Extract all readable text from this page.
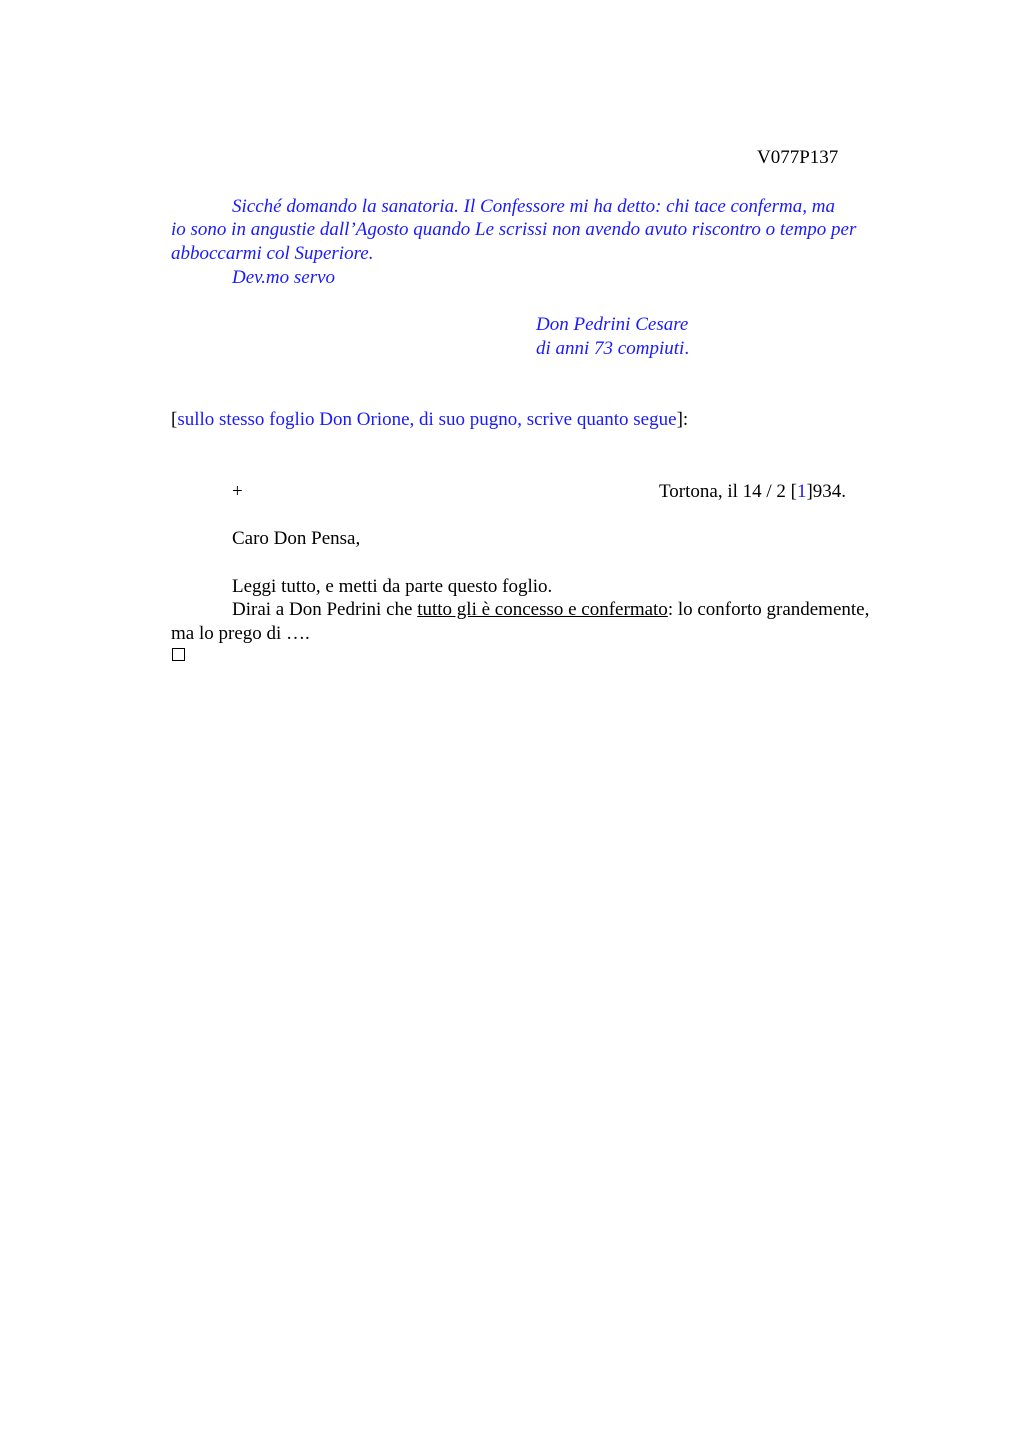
V077P137
Sicché domando la sanatoria. Il Confessore mi ha detto: chi tace conferma, ma
io sono in angustie dall’Agosto quando Le scrissi non avendo avuto riscontro o tempo per
abboccarmi col Superiore.
Dev.mo servo
Don Pedrini Cesare
di anni 73 compiuti.
[sullo stesso foglio Don Orione, di suo pugno, scrive quanto segue]:
+	Tortona, il 14 / 2 [1]934.
Caro Don Pensa,
Leggi tutto, e metti da parte questo foglio.
Dirai a Don Pedrini che tutto gli è concesso e confermato: lo conforto grandemente,
ma lo prego di ….
